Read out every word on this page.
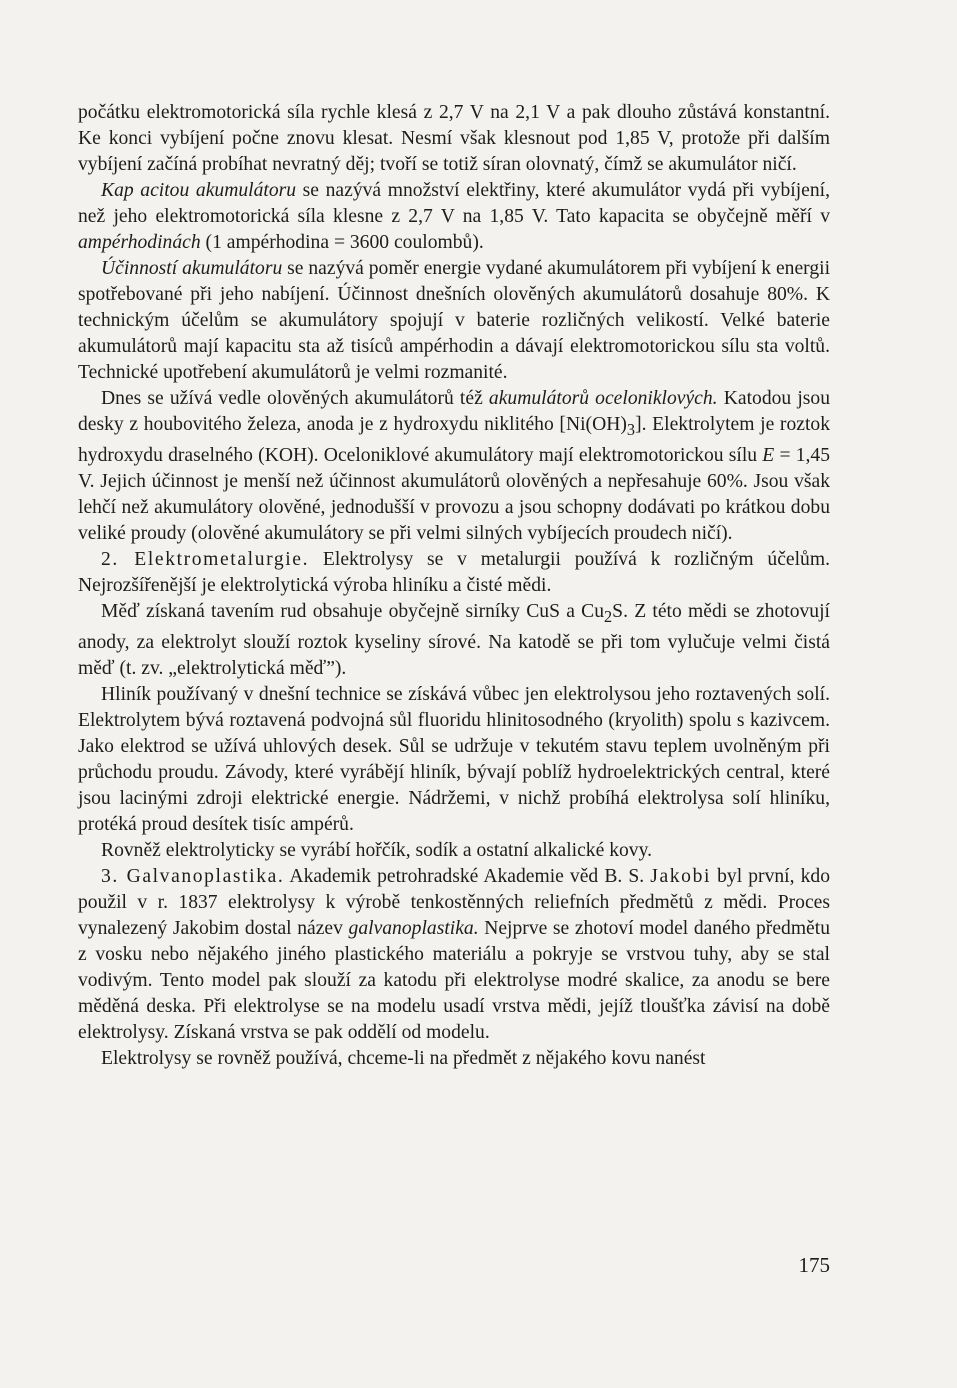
počátku elektromotorická síla rychle klesá z 2,7 V na 2,1 V a pak dlouho zůstává konstantní. Ke konci vybíjení počne znovu klesat. Nesmí však klesnout pod 1,85 V, protože při dalším vybíjení začíná probíhat nevratný děj; tvoří se totiž síran olovnatý, čímž se akumulátor ničí.

Kap acitou akumulátoru se nazývá množství elektřiny, které akumulátor vydá při vybíjení, než jeho elektromotorická síla klesne z 2,7 V na 1,85 V. Tato kapacita se obyčejně měří v ampérhodinách (1 ampérhodina = 3600 coulombů).

Účinností akumulátoru se nazývá poměr energie vydané akumulátorem při vybíjení k energii spotřebované při jeho nabíjení. Účinnost dnešních olověných akumulátorů dosahuje 80%. K technickým účelům se akumulátory spojují v baterie rozličných velikostí. Velké baterie akumulátorů mají kapacitu sta až tisíců ampérhodin a dávají elektromotorickou sílu sta voltů. Technické upotřebení akumulátorů je velmi rozmanité.

Dnes se užívá vedle olověných akumulátorů též akumulátorů oceloniklových. Katodou jsou desky z houbovitého železa, anoda je z hydroxydu niklitého $[Ni(OH)_3]$. Elektrolytem je roztok hydroxydu draselného (KOH). Oceloniklové akumulátory mají elektromotorickou sílu E = 1,45 V. Jejich účinnost je menší než účinnost akumulátorů olověných a nepřesahuje 60%. Jsou však lehčí než akumulátory olověné, jednodušší v provozu a jsou schopny dodávati po krátkou dobu veliké proudy (olověné akumulátory se při velmi silných vybíjecích proudech ničí).

2. Elektrometalurgie. Elektrolysy se v metalurgii používá k rozličným účelům. Nejrozšířenější je elektrolytická výroba hliníku a čisté mědi.

Měď získaná tavením rud obsahuje obyčejně sirníky CuS a $Cu_2S$. Z této mědi se zhotovují anody, za elektrolyt slouží roztok kyseliny sírové. Na katodě se při tom vylučuje velmi čistá měď (t. zv. „elektrolytická měď”).

Hliník používaný v dnešní technice se získává vůbec jen elektrolysou jeho roztavených solí. Elektrolytem bývá roztavená podvojná sůl fluoridu hlinitosodného (kryolith) spolu s kazivcem. Jako elektrod se užívá uhlových desek. Sůl se udržuje v tekutém stavu teplem uvolněným při průchodu proudu. Závody, které vyrábějí hliník, bývají poblíž hydroelektrických central, které jsou lacinými zdroji elektrické energie. Nádržemi, v nichž probíhá elektrolysa solí hliníku, protéká proud desítek tisíc ampérů.

Rovněž elektrolyticky se vyrábí hořčík, sodík a ostatní alkalické kovy.

3. Galvanoplastika. Akademik petrohradské Akademie věd B. S. Jakobi byl první, kdo použil v r. 1837 elektrolysy k výrobě tenkostěnných reliefních předmětů z mědi. Proces vynalezený Jakobim dostal název galvanoplastika. Nejprve se zhotoví model daného předmětu z vosku nebo nějakého jiného plastického materiálu a pokryje se vrstvou tuhy, aby se stal vodivým. Tento model pak slouží za katodu při elektrolyse modré skalice, za anodu se bere měděná deska. Při elektrolyse se na modelu usadí vrstva mědi, jejíž tloušťka závisí na době elektrolysy. Získaná vrstva se pak oddělí od modelu.

Elektrolysy se rovněž používá, chceme-li na předmět z nějakého kovu nanést

175
